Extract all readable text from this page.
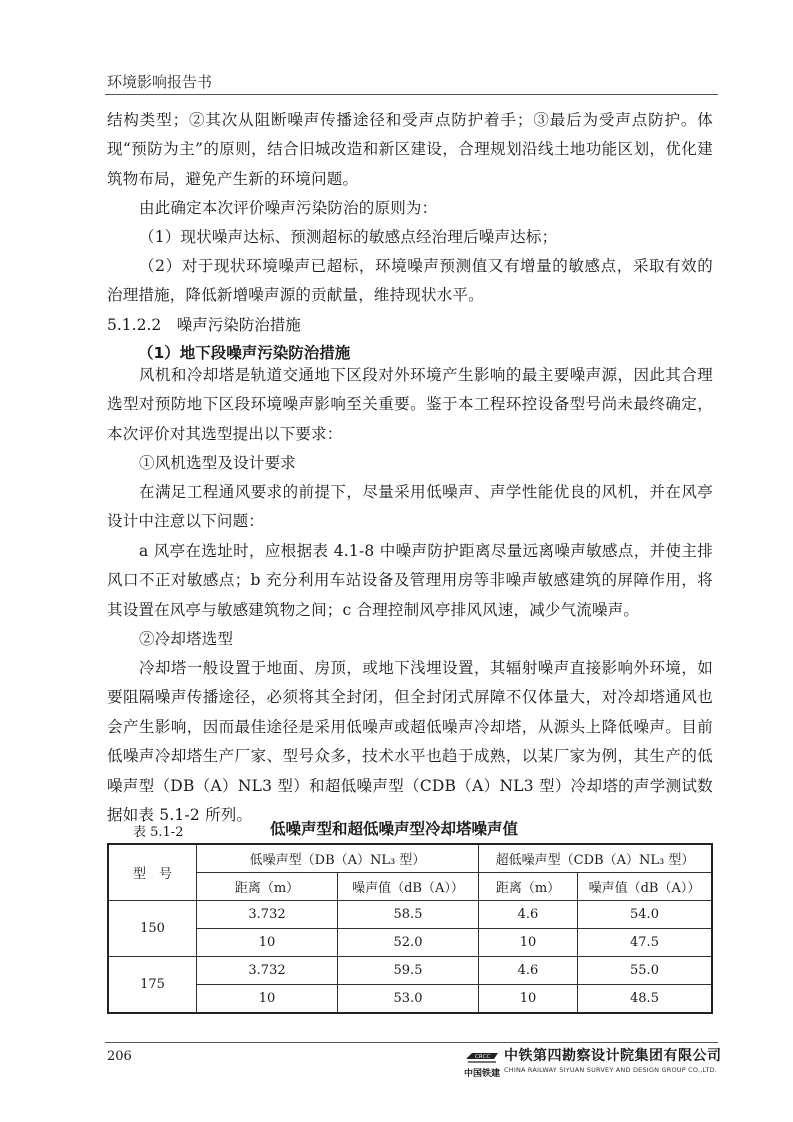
环境影响报告书
结构类型；②其次从阻断噪声传播途径和受声点防护着手；③最后为受声点防护。体现“预防为主”的原则，结合旧城改造和新区建设，合理规划沿线土地功能区划，优化建筑物布局，避免产生新的环境问题。
由此确定本次评价噪声污染防治的原则为：
（1）现状噪声达标、预测超标的敏感点经治理后噪声达标；
（2）对于现状环境噪声已超标，环境噪声预测值又有增量的敏感点，采取有效的治理措施，降低新增噪声源的贡献量，维持现状水平。
5.1.2.2　噪声污染防治措施
（1）地下段噪声污染防治措施
风机和冷却塔是轨道交通地下区段对外环境产生影响的最主要噪声源，因此其合理选型对预防地下区段环境噪声影响至关重要。鉴于本工程环控设备型号尚未最终确定，本次评价对其选型提出以下要求：
①风机选型及设计要求
在满足工程通风要求的前提下，尽量采用低噪声、声学性能优良的风机，并在风亭设计中注意以下问题：
a 风亭在选址时，应根据表 4.1-8 中噪声防护距离尽量远离噪声敏感点，并使主排风口不正对敏感点；b 充分利用车站设备及管理用房等非噪声敏感建筑的屏障作用，将其设置在风亭与敏感建筑物之间；c 合理控制风亭排风风速，减少气流噪声。
②冷却塔选型
冷却塔一般设置于地面、房顶，或地下浅埋设置，其辐射噪声直接影响外环境，如要阻隔噪声传播途径，必须将其全封闭，但全封闭式屏障不仅体量大，对冷却塔通风也会产生影响，因而最佳途径是采用低噪声或超低噪声冷却塔，从源头上降低噪声。目前低噪声冷却塔生产厂家、型号众多，技术水平也趋于成熟，以某厂家为例，其生产的低噪声型（DB（A）NL3 型）和超低噪声型（CDB（A）NL3 型）冷却塔的声学测试数据如表 5.1-2 所列。
表 5.1-2	低噪声型和超低噪声型冷却塔噪声值
型　号	低噪声型（DB（A）NL₃ 型）		超低噪声型（CDB（A）NL₃ 型）	
	距离（m）	噪声值（dB（A））	距离（m）	噪声值（dB（A））
150	3.732	58.5	4.6	54.0
	10	52.0	10	47.5
175	3.732	59.5	4.6	55.0
	10	53.0	10	48.5
206	CRCC
中国铁建
中铁第四勘察设计院集团有限公司
CHINA RAILWAY SIYUAN SURVEY AND DESIGN GROUP CO.,LTD.
